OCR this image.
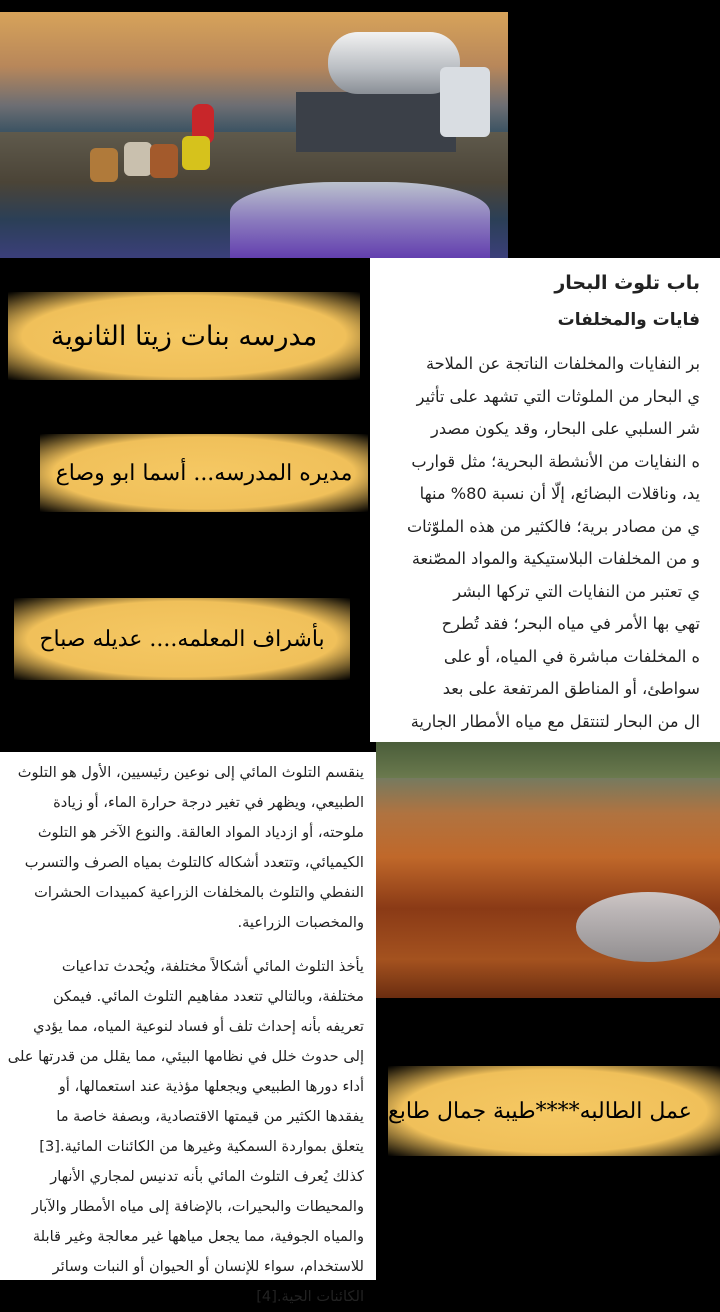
باب تلوث البحار
فايات والمخلفات
بر النفايات والمخلفات الناتجة عن الملاحة
ي البحار من الملوثات التي تشهد على تأثير
شر السلبي على البحار، وقد يكون مصدر
ه النفايات من الأنشطة البحرية؛ مثل قوارب
يد، وناقلات البضائع، إلّا أن نسبة 80% منها
ي من مصادر برية؛ فالكثير من هذه الملوّثات
و من المخلفات البلاستيكية والمواد المصّنعة
ي تعتبر من النفايات التي تركها البشر
تهي بها الأمر في مياه البحر؛ فقد تُطرح
ه المخلفات مباشرة في المياه، أو على
سواطئ، أو المناطق المرتفعة على بعد
ال من البحار لتنتقل مع مياه الأمطار الجارية
مدرسه بنات زيتا الثانوية
مديره المدرسه... أسما ابو وصاع
بأشراف المعلمه.... عديله صباح
ينقسم التلوث المائي إلى نوعين رئيسيين، الأول هو التلوث
الطبيعي، ويظهر في تغير درجة حرارة الماء، أو زيادة
ملوحته، أو ازدياد المواد العالقة. والنوع الآخر هو التلوث
الكيميائي، وتتعدد أشكاله كالتلوث بمياه الصرف والتسرب
النفطي والتلوث بالمخلفات الزراعية كمبيدات الحشرات
والمخصبات الزراعية.
يأخذ التلوث المائي أشكالاً مختلفة، ويُحدث تداعيات
مختلفة، وبالتالي تتعدد مفاهيم التلوث المائي. فيمكن
تعريفه بأنه إحداث تلف أو فساد لنوعية المياه، مما يؤدي
إلى حدوث خلل في نظامها البيئي، مما يقلل من قدرتها على
أداء دورها الطبيعي ويجعلها مؤذية عند استعمالها، أو
يفقدها الكثير من قيمتها الاقتصادية، وبصفة خاصة ما
يتعلق بمواردة السمكية وغيرها من الكائنات المائية.[3]
كذلك يُعرف التلوث المائي بأنه تدنيس لمجاري الأنهار
والمحيطات والبحيرات، بالإضافة إلى مياه الأمطار والآبار
والمياه الجوفية، مما يجعل مياهها غير معالجة وغير قابلة
للاستخدام، سواء للإنسان أو الحيوان أو النبات وسائر
الكائنات الحية.[4]
عمل الطالبه****طيبة جمال طابع
